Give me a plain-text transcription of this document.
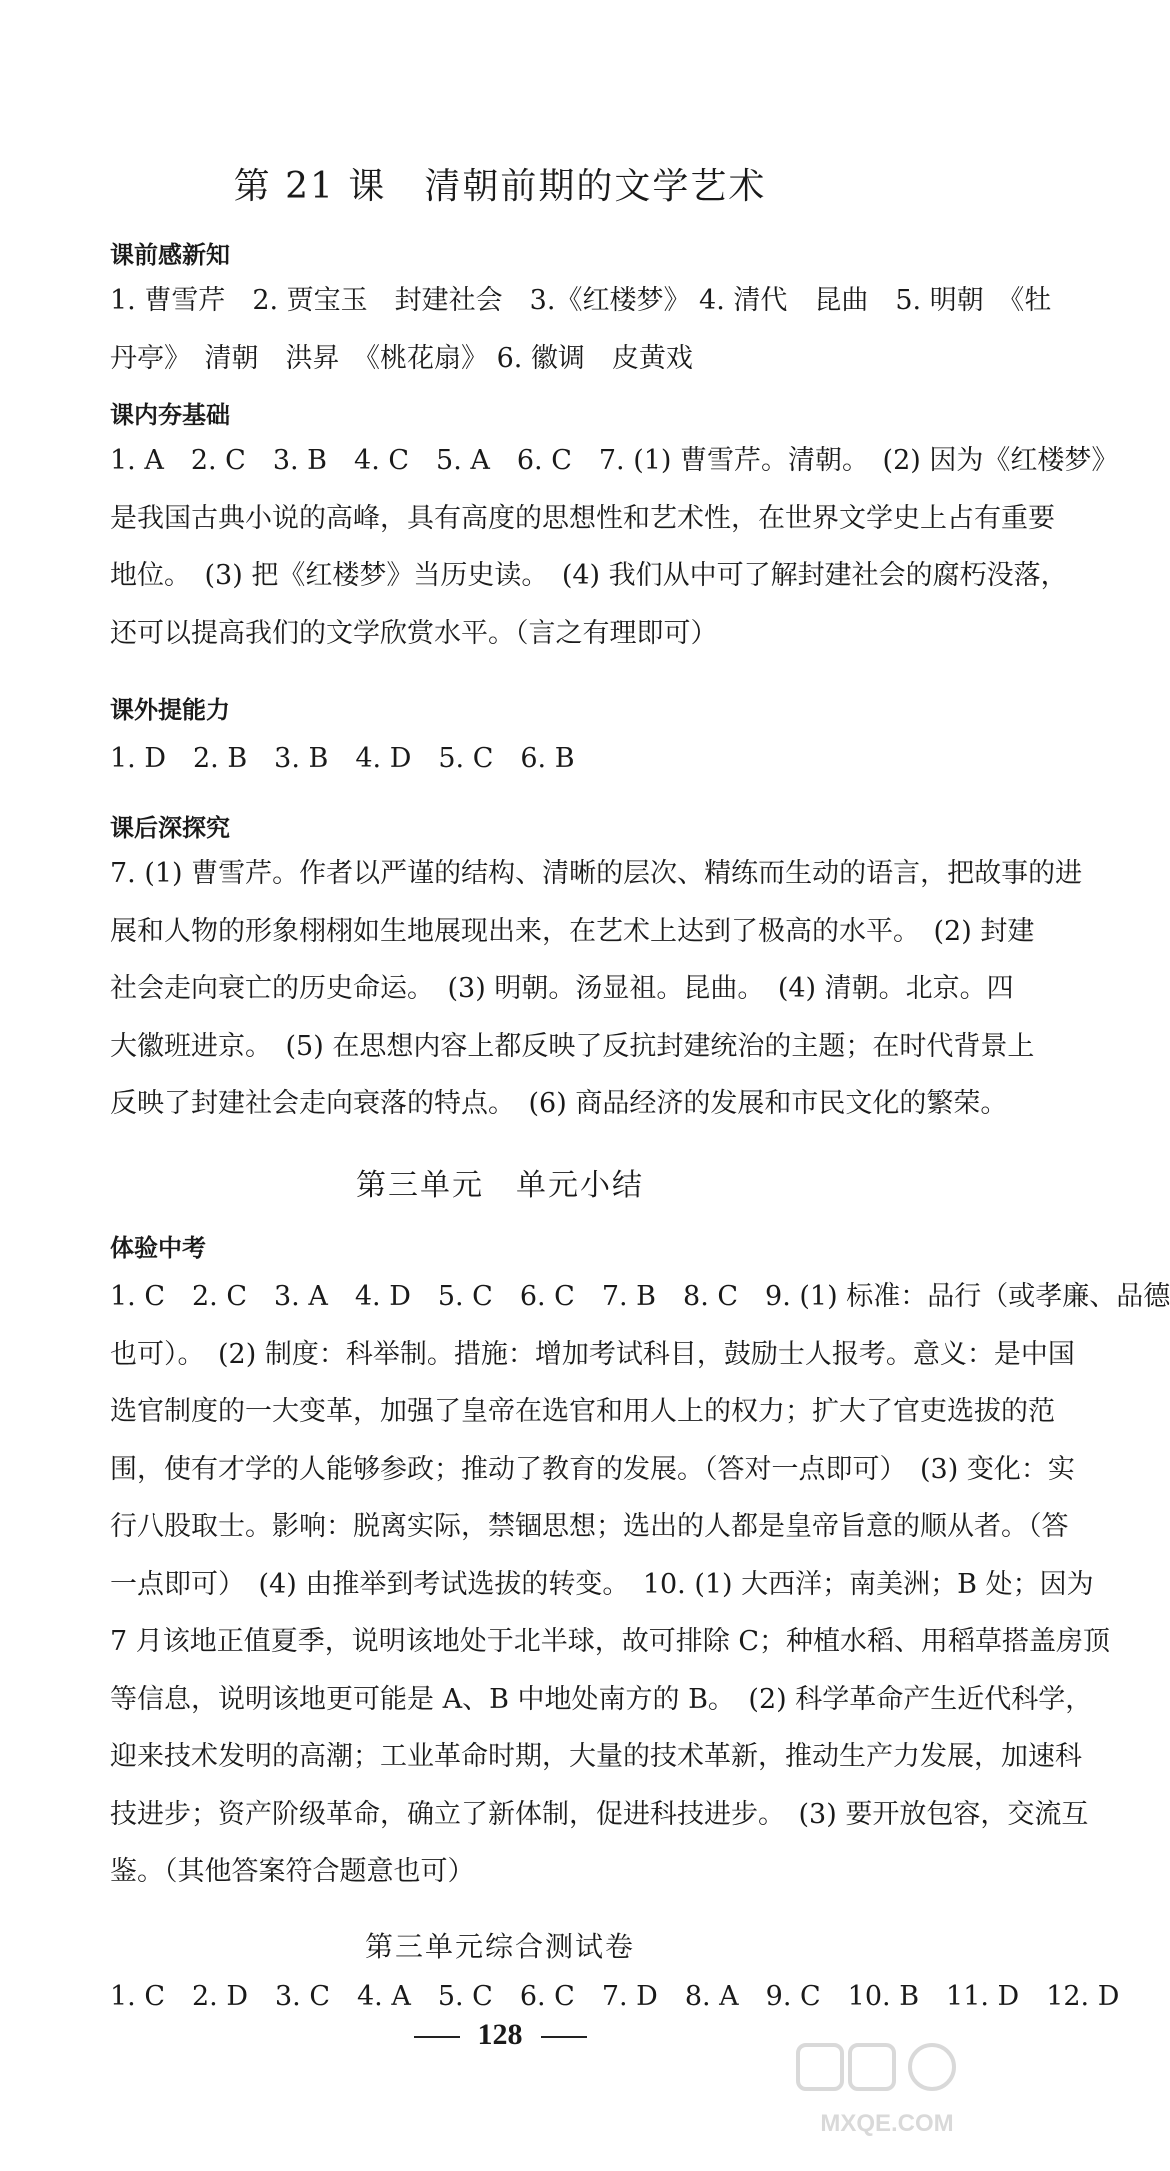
第 21 课　清朝前期的文学艺术
课前感新知
1. 曹雪芹　2. 贾宝玉　封建社会　3.《红楼梦》 4. 清代　昆曲　5. 明朝　《牡
丹亭》　清朝　洪昇　《桃花扇》 6. 徽调　皮黄戏
课内夯基础
1. A　2. C　3. B　4. C　5. A　6. C　7. (1) 曹雪芹。清朝。　(2) 因为《红楼梦》
是我国古典小说的高峰，具有高度的思想性和艺术性，在世界文学史上占有重要
地位。　(3) 把《红楼梦》当历史读。　(4) 我们从中可了解封建社会的腐朽没落，
还可以提高我们的文学欣赏水平。（言之有理即可）
课外提能力
1. D　2. B　3. B　4. D　5. C　6. B
课后深探究
7. (1) 曹雪芹。作者以严谨的结构、清晰的层次、精练而生动的语言，把故事的进
展和人物的形象栩栩如生地展现出来，在艺术上达到了极高的水平。　(2) 封建
社会走向衰亡的历史命运。　(3) 明朝。汤显祖。昆曲。　(4) 清朝。北京。四
大徽班进京。　(5) 在思想内容上都反映了反抗封建统治的主题；在时代背景上
反映了封建社会走向衰落的特点。　(6) 商品经济的发展和市民文化的繁荣。
第三单元　单元小结
体验中考
1. C　2. C　3. A　4. D　5. C　6. C　7. B　8. C　9. (1) 标准：品行（或孝廉、品德
也可）。　(2) 制度：科举制。措施：增加考试科目，鼓励士人报考。意义：是中国
选官制度的一大变革，加强了皇帝在选官和用人上的权力；扩大了官吏选拔的范
围，使有才学的人能够参政；推动了教育的发展。（答对一点即可）　(3) 变化：实
行八股取士。影响：脱离实际，禁锢思想；选出的人都是皇帝旨意的顺从者。（答
一点即可）　(4) 由推举到考试选拔的转变。　10. (1) 大西洋；南美洲；B 处；因为
7 月该地正值夏季，说明该地处于北半球，故可排除 C；种植水稻、用稻草搭盖房顶
等信息，说明该地更可能是 A、B 中地处南方的 B。　(2) 科学革命产生近代科学，
迎来技术发明的高潮；工业革命时期，大量的技术革新，推动生产力发展，加速科
技进步；资产阶级革命，确立了新体制，促进科技进步。　(3) 要开放包容，交流互
鉴。（其他答案符合题意也可）
第三单元综合测试卷
1. C　2. D　3. C　4. A　5. C　6. C　7. D　8. A　9. C　10. B　11. D　12. D
128
MXQE.COM
